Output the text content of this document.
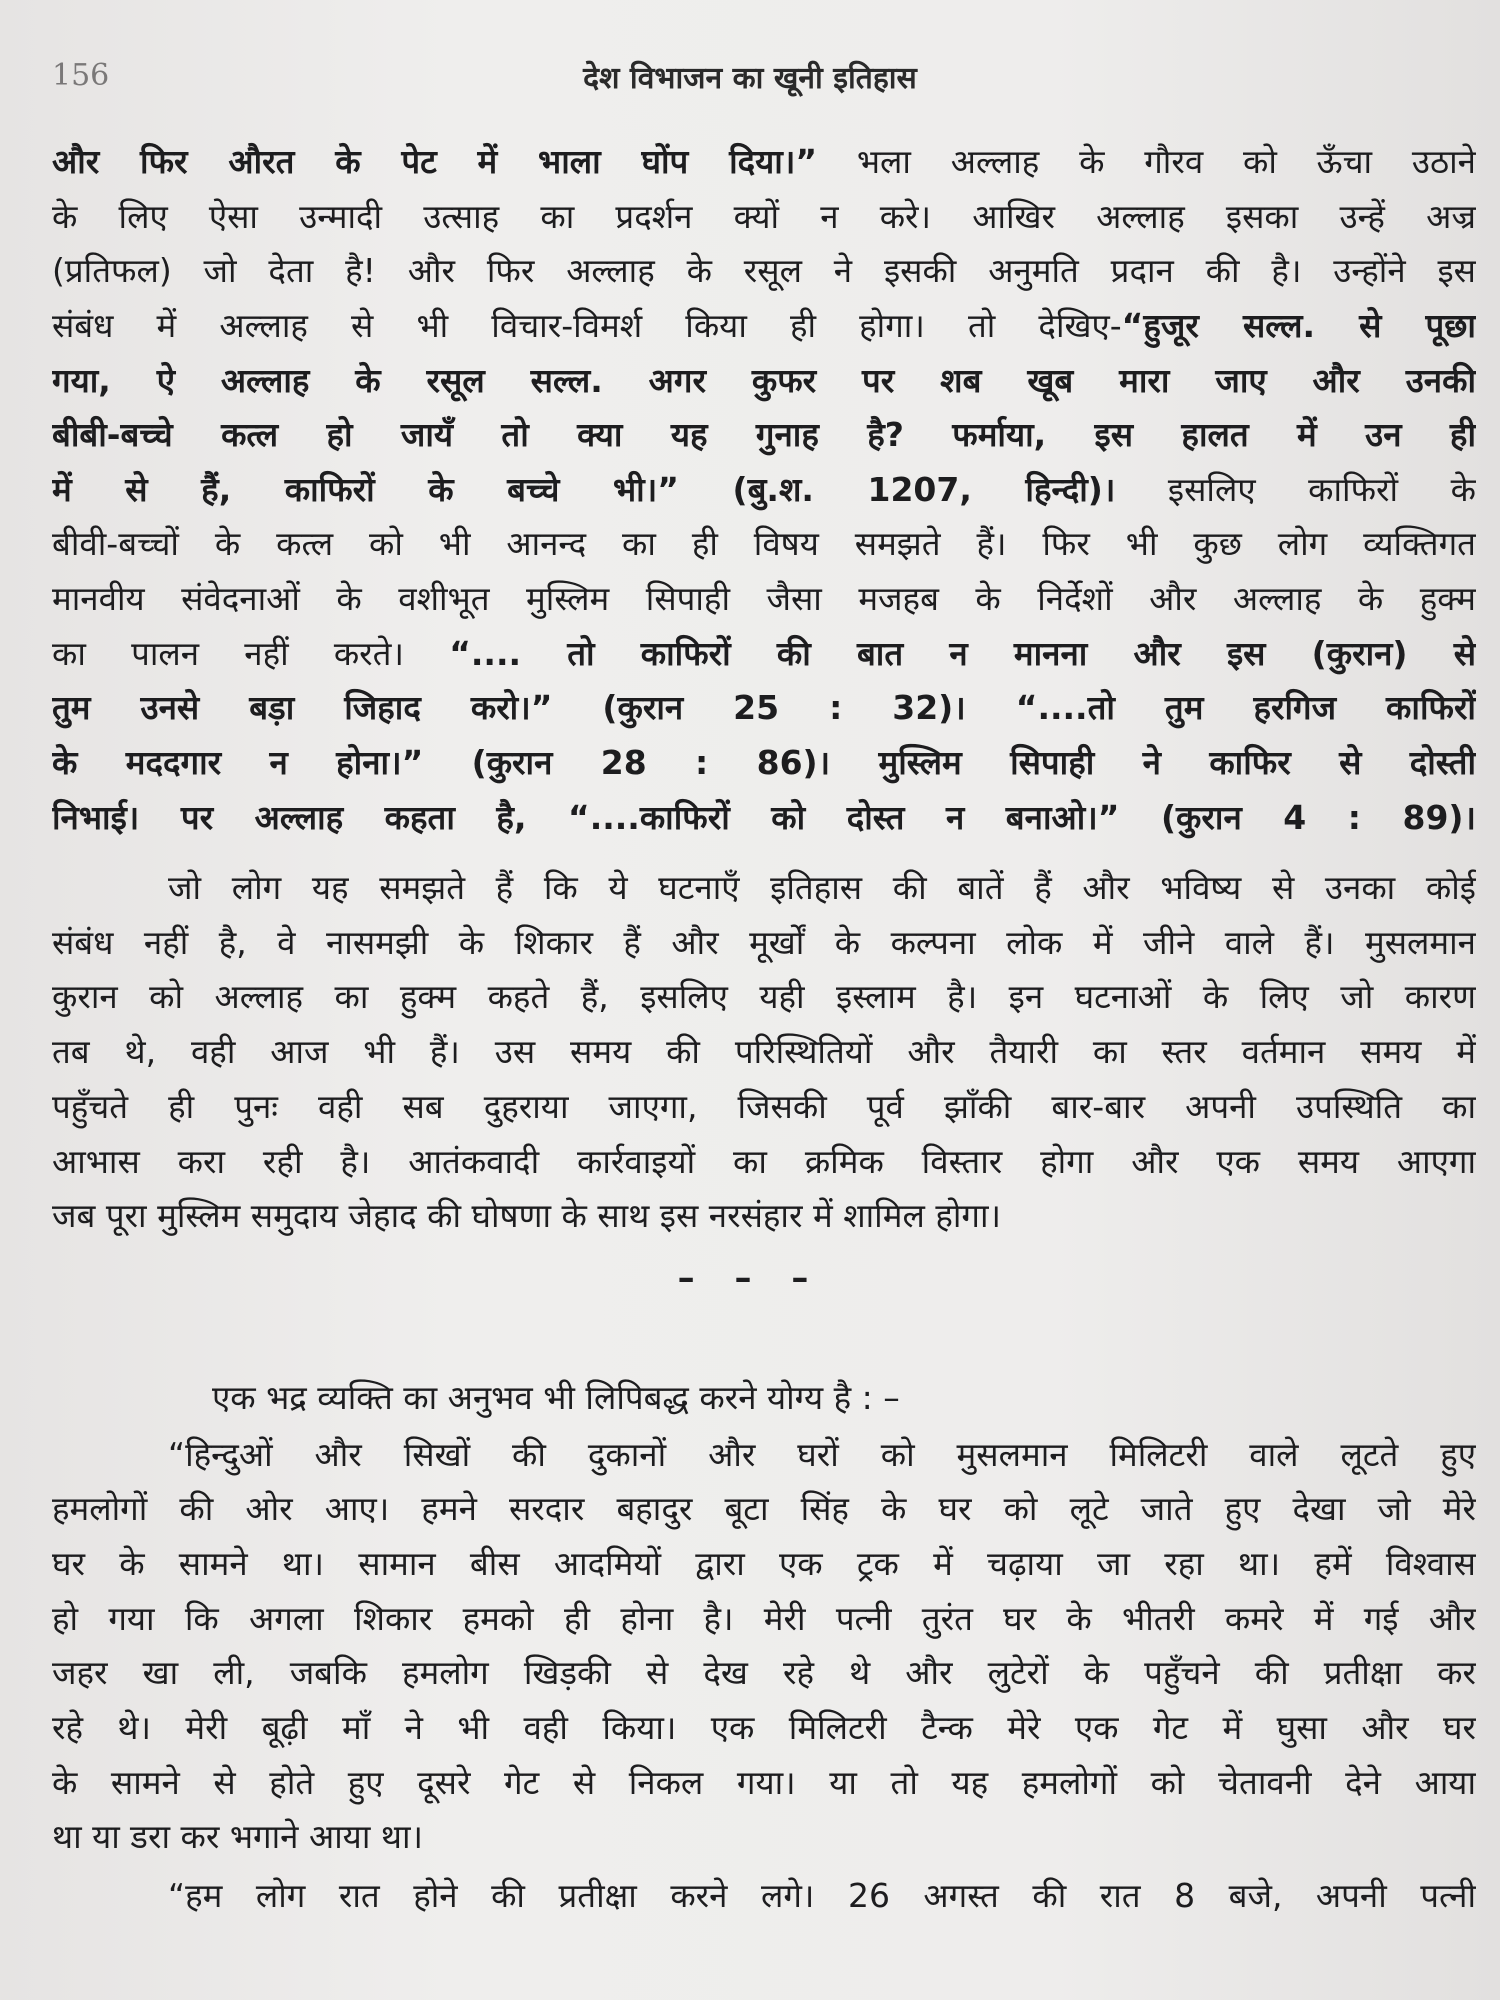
156	देश विभाजन का खूनी इतिहास
और फिर औरत के पेट में भाला घोंप दिया।” भला अल्लाह के गौरव को ऊँचा उठाने
के लिए ऐसा उन्मादी उत्साह का प्रदर्शन क्यों न करे। आखिर अल्लाह इसका उन्हें अज्र
(प्रतिफल) जो देता है! और फिर अल्लाह के रसूल ने इसकी अनुमति प्रदान की है। उन्होंने इस
संबंध में अल्लाह से भी विचार-विमर्श किया ही होगा। तो देखिए-“हुजूर सल्ल. से पूछा
गया, ऐ अल्लाह के रसूल सल्ल. अगर कुफर पर शब खूब मारा जाए और उनकी
बीबी-बच्चे कत्ल हो जायँ तो क्या यह गुनाह है? फर्माया, इस हालत में उन ही
में से हैं, काफिरों के बच्चे भी।” (बु.श. 1207, हिन्दी)। इसलिए काफिरों के
बीवी-बच्चों के कत्ल को भी आनन्द का ही विषय समझते हैं। फिर भी कुछ लोग व्यक्तिगत
मानवीय संवेदनाओं के वशीभूत मुस्लिम सिपाही जैसा मजहब के निर्देशों और अल्लाह के हुक्म
का पालन नहीं करते। “.... तो काफिरों की बात न मानना और इस (कुरान) से
तुम उनसे बड़ा जिहाद करो।” (कुरान 25 : 32)। “....तो तुम हरगिज काफिरों
के मददगार न होना।” (कुरान 28 : 86)। मुस्लिम सिपाही ने काफिर से दोस्ती
निभाई। पर अल्लाह कहता है, “....काफिरों को दोस्त न बनाओ।” (कुरान 4 : 89)।
जो लोग यह समझते हैं कि ये घटनाएँ इतिहास की बातें हैं और भविष्य से उनका कोई
संबंध नहीं है, वे नासमझी के शिकार हैं और मूर्खों के कल्पना लोक में जीने वाले हैं। मुसलमान
कुरान को अल्लाह का हुक्म कहते हैं, इसलिए यही इस्लाम है। इन घटनाओं के लिए जो कारण
तब थे, वही आज भी हैं। उस समय की परिस्थितियों और तैयारी का स्तर वर्तमान समय में
पहुँचते ही पुनः वही सब दुहराया जाएगा, जिसकी पूर्व झाँकी बार-बार अपनी उपस्थिति का
आभास करा रही है। आतंकवादी कार्रवाइयों का क्रमिक विस्तार होगा और एक समय आएगा
जब पूरा मुस्लिम समुदाय जेहाद की घोषणा के साथ इस नरसंहार में शामिल होगा।
एक भद्र व्यक्ति का अनुभव भी लिपिबद्ध करने योग्य है : –
“हिन्दुओं और सिखों की दुकानों और घरों को मुसलमान मिलिटरी वाले लूटते हुए
हमलोगों की ओर आए। हमने सरदार बहादुर बूटा सिंह के घर को लूटे जाते हुए देखा जो मेरे
घर के सामने था। सामान बीस आदमियों द्वारा एक ट्रक में चढ़ाया जा रहा था। हमें विश्वास
हो गया कि अगला शिकार हमको ही होना है। मेरी पत्नी तुरंत घर के भीतरी कमरे में गई और
जहर खा ली, जबकि हमलोग खिड़की से देख रहे थे और लुटेरों के पहुँचने की प्रतीक्षा कर
रहे थे। मेरी बूढ़ी माँ ने भी वही किया। एक मिलिटरी टैन्क मेरे एक गेट में घुसा और घर
के सामने से होते हुए दूसरे गेट से निकल गया। या तो यह हमलोगों को चेतावनी देने आया
था या डरा कर भगाने आया था।
“हम लोग रात होने की प्रतीक्षा करने लगे। 26 अगस्त की रात 8 बजे, अपनी पत्नी
– – –
